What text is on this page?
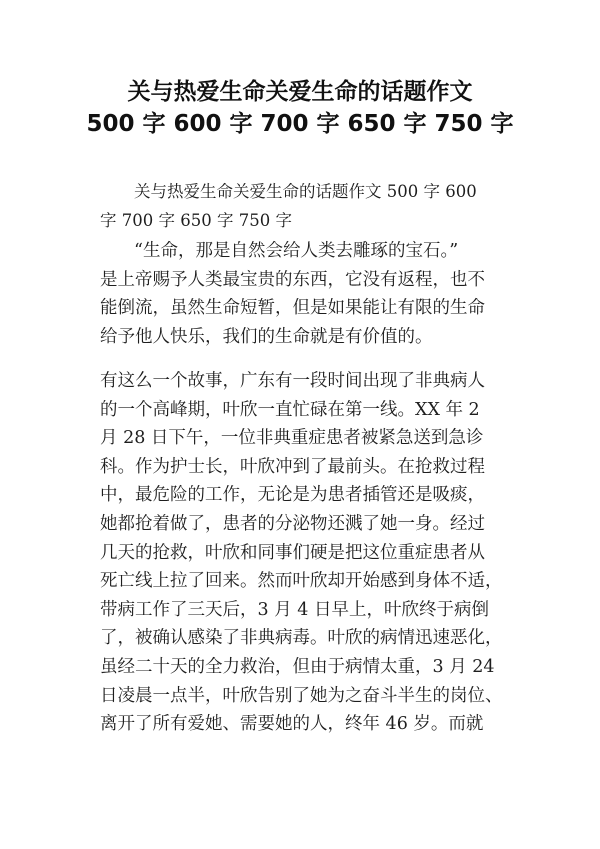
关与热爱生命关爱生命的话题作文
500 字 600 字 700 字 650 字 750 字
关与热爱生命关爱生命的话题作文 500 字 600
字 700 字 650 字 750 字
“生命，那是自然会给人类去雕琢的宝石。”
是上帝赐予人类最宝贵的东西，它没有返程，也不
能倒流，虽然生命短暂，但是如果能让有限的生命
给予他人快乐，我们的生命就是有价值的。
有这么一个故事，广东有一段时间出现了非典病人
的一个高峰期，叶欣一直忙碌在第一线。XX 年 2
月 28 日下午，一位非典重症患者被紧急送到急诊
科。作为护士长，叶欣冲到了最前头。在抢救过程
中，最危险的工作，无论是为患者插管还是吸痰，
她都抢着做了，患者的分泌物还溅了她一身。经过
几天的抢救，叶欣和同事们硬是把这位重症患者从
死亡线上拉了回来。然而叶欣却开始感到身体不适，
带病工作了三天后，3 月 4 日早上，叶欣终于病倒
了，被确认感染了非典病毒。叶欣的病情迅速恶化，
虽经二十天的全力救治，但由于病情太重，3 月 24
日凌晨一点半，叶欣告别了她为之奋斗半生的岗位、
离开了所有爱她、需要她的人，终年 46 岁。而就
